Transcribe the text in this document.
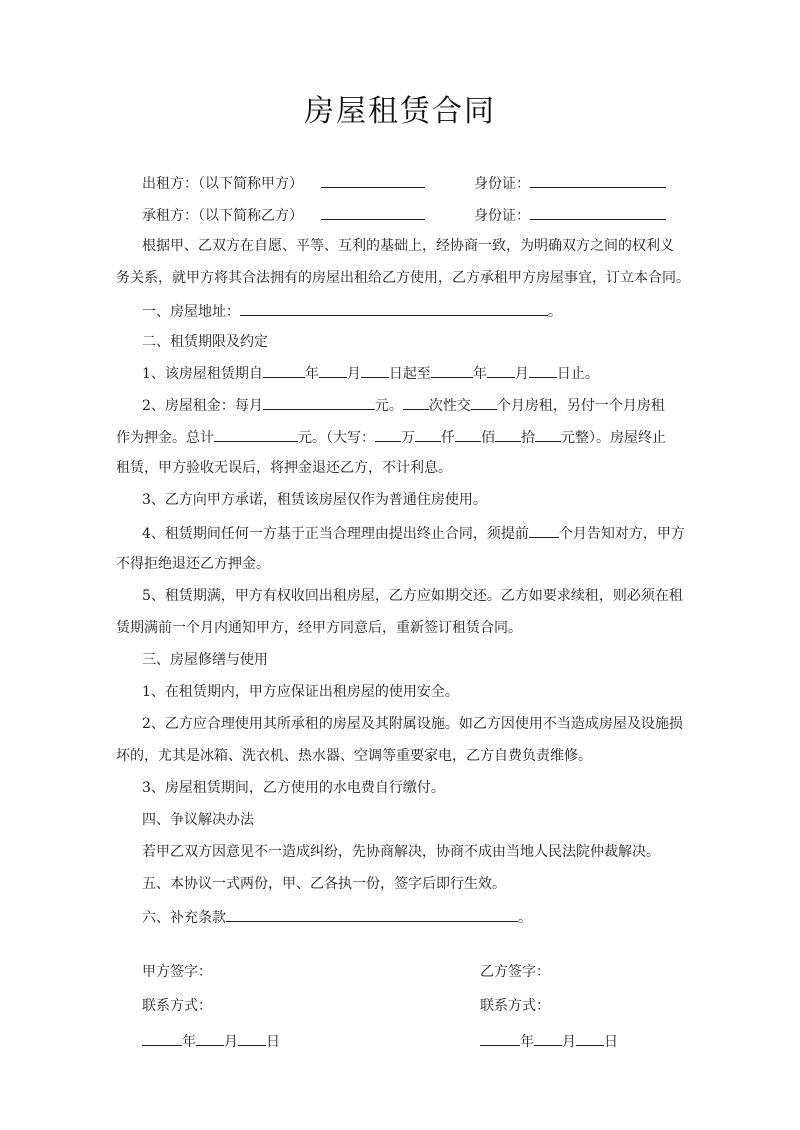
房屋租赁合同
出租方：（以下简称甲方）	身份证：
承租方：（以下简称乙方）	身份证：
根据甲、乙双方在自愿、平等、互利的基础上，经协商一致，为明确双方之间的权利义
务关系，就甲方将其合法拥有的房屋出租给乙方使用，乙方承租甲方房屋事宜，订立本合同。
一、房屋地址：	。
二、租赁期限及约定
1、该房屋租赁期自	年 月 日起至	年 月 日止。
2、房屋租金：每月	元。 次性交 个月房租，另付一个月房租
作为押金。总计	元。（大写： 万 仟 佰 拾 元整）。房屋终止
租赁，甲方验收无误后，将押金退还乙方，不计利息。
3、乙方向甲方承诺，租赁该房屋仅作为普通住房使用。
4、租赁期间任何一方基于正当合理理由提出终止合同，须提前 个月告知对方，甲方
不得拒绝退还乙方押金。
5、租赁期满，甲方有权收回出租房屋，乙方应如期交还。乙方如要求续租，则必须在租
赁期满前一个月内通知甲方，经甲方同意后，重新签订租赁合同。
三、房屋修缮与使用
1、在租赁期内，甲方应保证出租房屋的使用安全。
2、乙方应合理使用其所承租的房屋及其附属设施。如乙方因使用不当造成房屋及设施损
坏的，尤其是冰箱、洗衣机、热水器、空调等重要家电，乙方自费负责维修。
3、房屋租赁期间，乙方使用的水电费自行缴付。
四、争议解决办法
若甲乙双方因意见不一造成纠纷，先协商解决，协商不成由当地人民法院仲裁解决。
五、本协议一式两份，甲、乙各执一份，签字后即行生效。
六、补充条款	。
甲方签字：	乙方签字：
联系方式：	联系方式：
年 月 日	年 月 日
